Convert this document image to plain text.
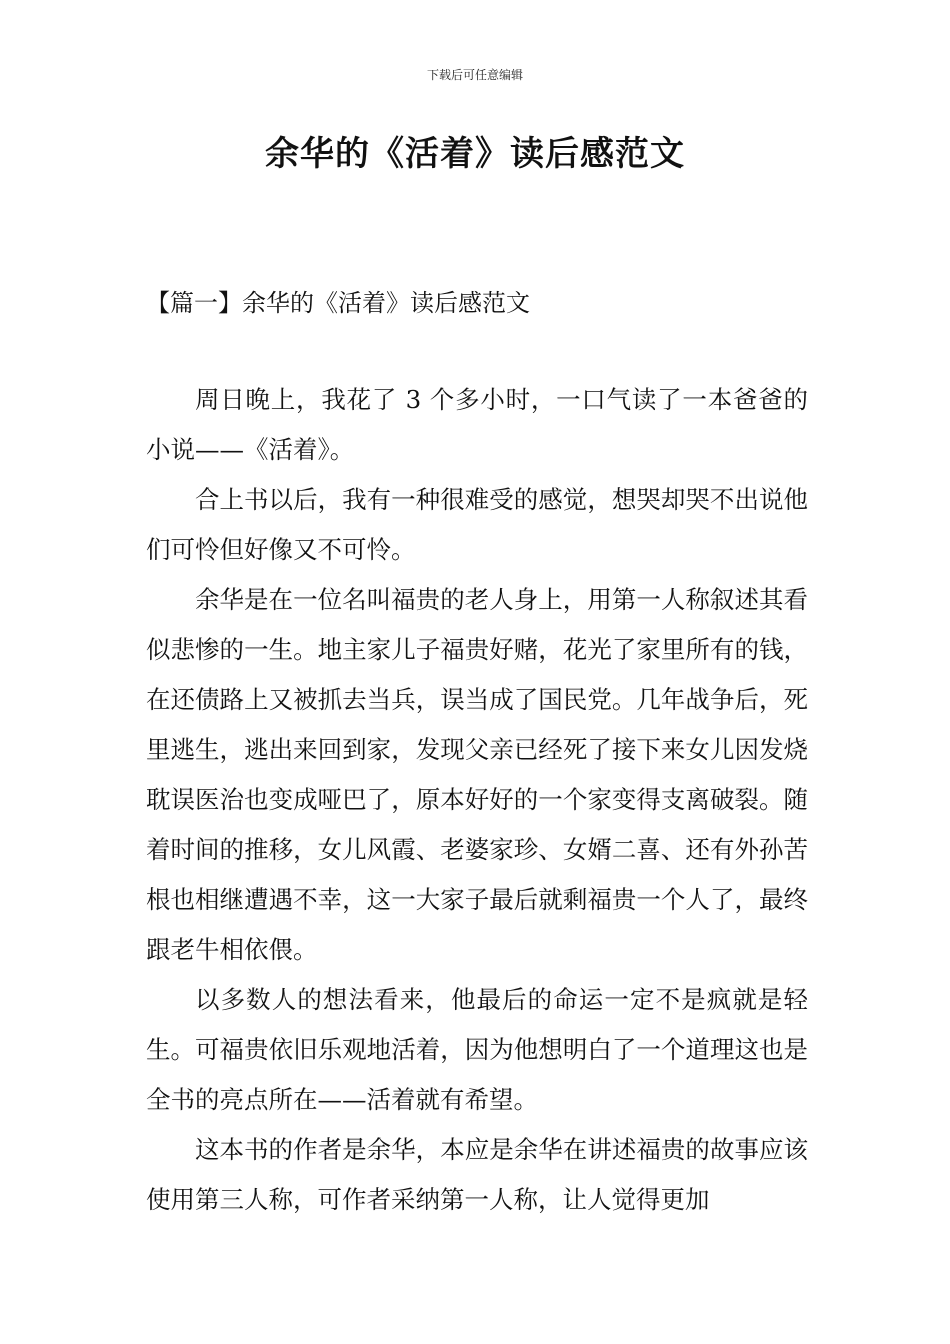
下载后可任意编辑
余华的《活着》读后感范文
【篇一】余华的《活着》读后感范文

周日晚上，我花了 3 个多小时，一口气读了一本爸爸的小说——《活着》。

合上书以后，我有一种很难受的感觉，想哭却哭不出说他们可怜但好像又不可怜。

余华是在一位名叫福贵的老人身上，用第一人称叙述其看似悲惨的一生。地主家儿子福贵好赌，花光了家里所有的钱，在还债路上又被抓去当兵，误当成了国民党。几年战争后，死里逃生，逃出来回到家，发现父亲已经死了接下来女儿因发烧耽误医治也变成哑巴了，原本好好的一个家变得支离破裂。随着时间的推移，女儿风霞、老婆家珍、女婿二喜、还有外孙苦根也相继遭遇不幸，这一大家子最后就剩福贵一个人了，最终跟老牛相依偎。

以多数人的想法看来，他最后的命运一定不是疯就是轻生。可福贵依旧乐观地活着，因为他想明白了一个道理这也是全书的亮点所在——活着就有希望。

这本书的作者是余华，本应是余华在讲述福贵的故事应该使用第三人称，可作者采纳第一人称，让人觉得更加
